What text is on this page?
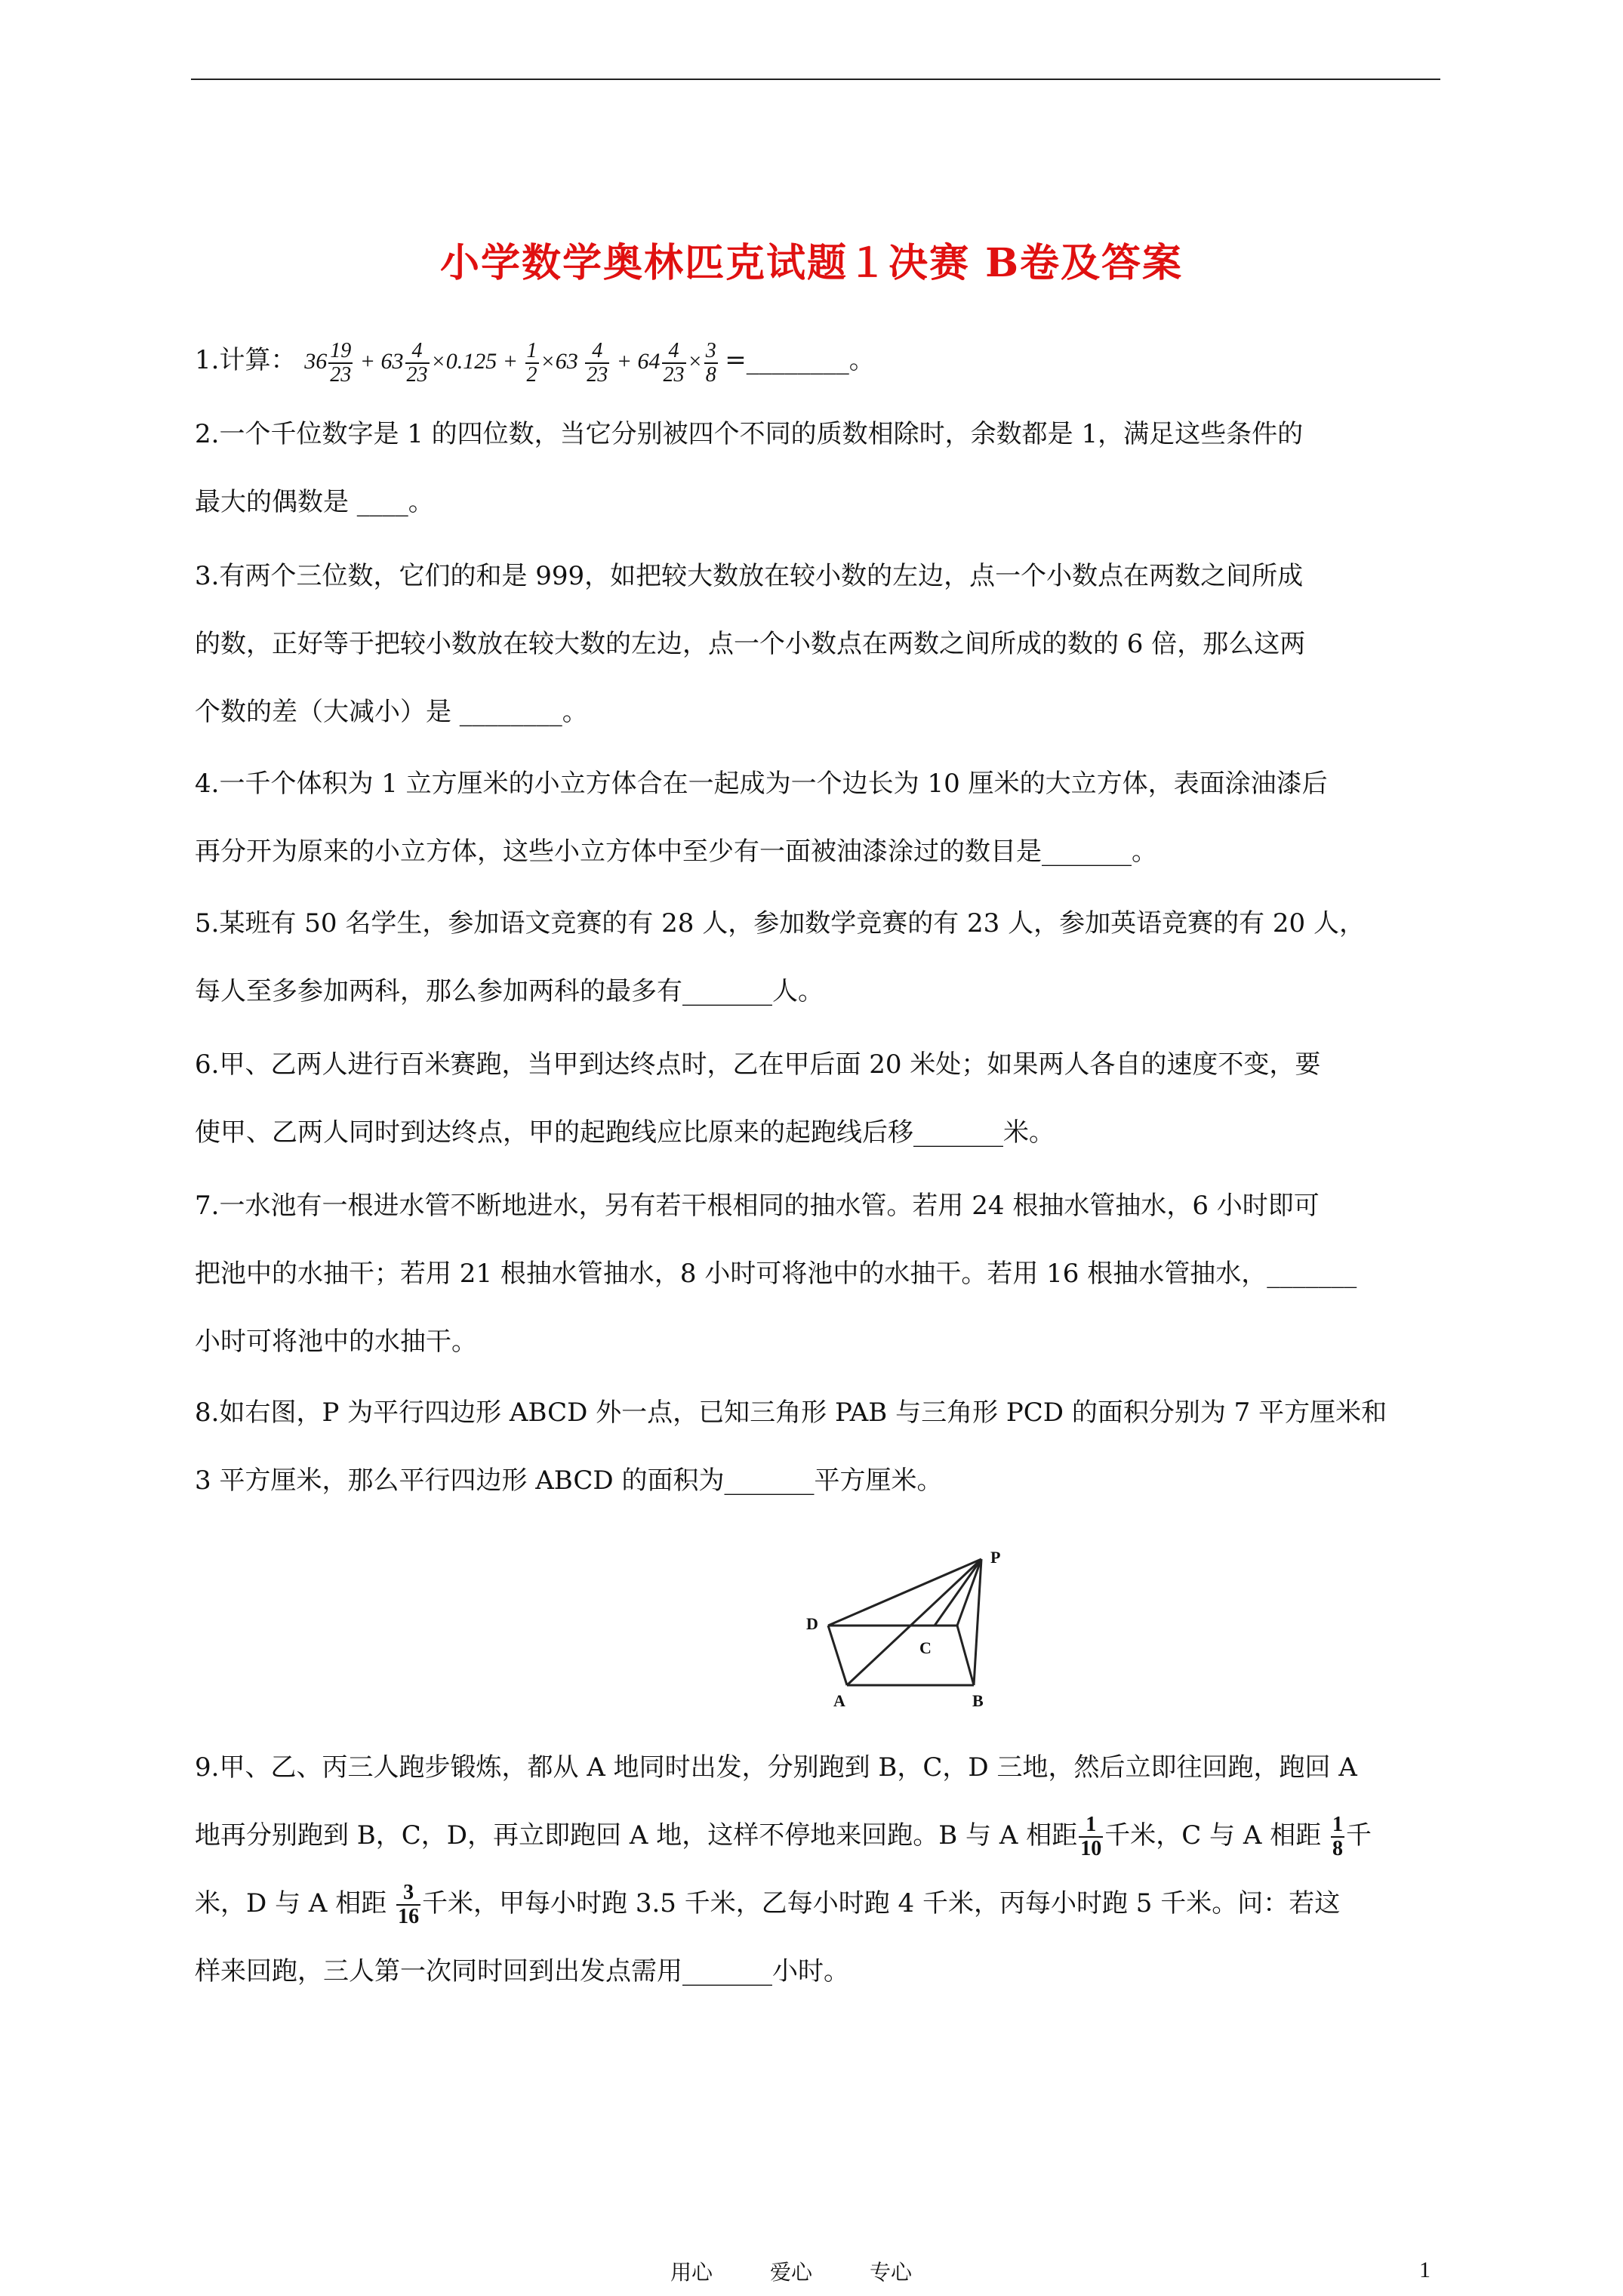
小学数学奥林匹克试题１决赛 B卷及答案

1.计算： $36 \frac{19}{23} + 63 \frac{4}{23} \times 0.125 + \frac{1}{2} \times 63 \frac{4}{23} + 64 \frac{4}{23} \times \frac{3}{8}$ =________。

2.一个千位数字是 1 的四位数，当它分别被四个不同的质数相除时，余数都是 1，满足这些条件的

最大的偶数是 ____。

3.有两个三位数，它们的和是 999，如把较大数放在较小数的左边，点一个小数点在两数之间所成

的数，正好等于把较小数放在较大数的左边，点一个小数点在两数之间所成的数的 6 倍，那么这两

个数的差（大减小）是 ________。

4.一千个体积为 1 立方厘米的小立方体合在一起成为一个边长为 10 厘米的大立方体，表面涂油漆后

再分开为原来的小立方体，这些小立方体中至少有一面被油漆涂过的数目是_______。

5.某班有 50 名学生，参加语文竞赛的有 28 人，参加数学竞赛的有 23 人，参加英语竞赛的有 20 人，

每人至多参加两科，那么参加两科的最多有_______人。

6.甲、乙两人进行百米赛跑，当甲到达终点时，乙在甲后面 20 米处；如果两人各自的速度不变，要

使甲、乙两人同时到达终点，甲的起跑线应比原来的起跑线后移_______米。

7.一水池有一根进水管不断地进水，另有若干根相同的抽水管。若用 24 根抽水管抽水，6 小时即可

把池中的水抽干；若用 21 根抽水管抽水，8 小时可将池中的水抽干。若用 16 根抽水管抽水，_______

小时可将池中的水抽干。

8.如右图，P 为平行四边形 ABCD 外一点，已知三角形 PAB 与三角形 PCD 的面积分别为 7 平方厘米和

3 平方厘米，那么平行四边形 ABCD 的面积为_______平方厘米。

9.甲、乙、丙三人跑步锻炼，都从 A 地同时出发，分别跑到 B，C，D 三地，然后立即往回跑，跑回 A

地再分别跑到 B，C，D，再立即跑回 A 地，这样不停地来回跑。B 与 A 相距 $\frac{1}{10}$ 千米，C 与 A 相距 $\frac{1}{8}$ 千

米，D 与 A 相距 $\frac{3}{16}$ 千米，甲每小时跑 3.5 千米，乙每小时跑 4 千米，丙每小时跑 5 千米。问：若这

样来回跑，三人第一次同时回到出发点需用_______小时。

P
D
C
A	B
用心	爱心	专心	1
